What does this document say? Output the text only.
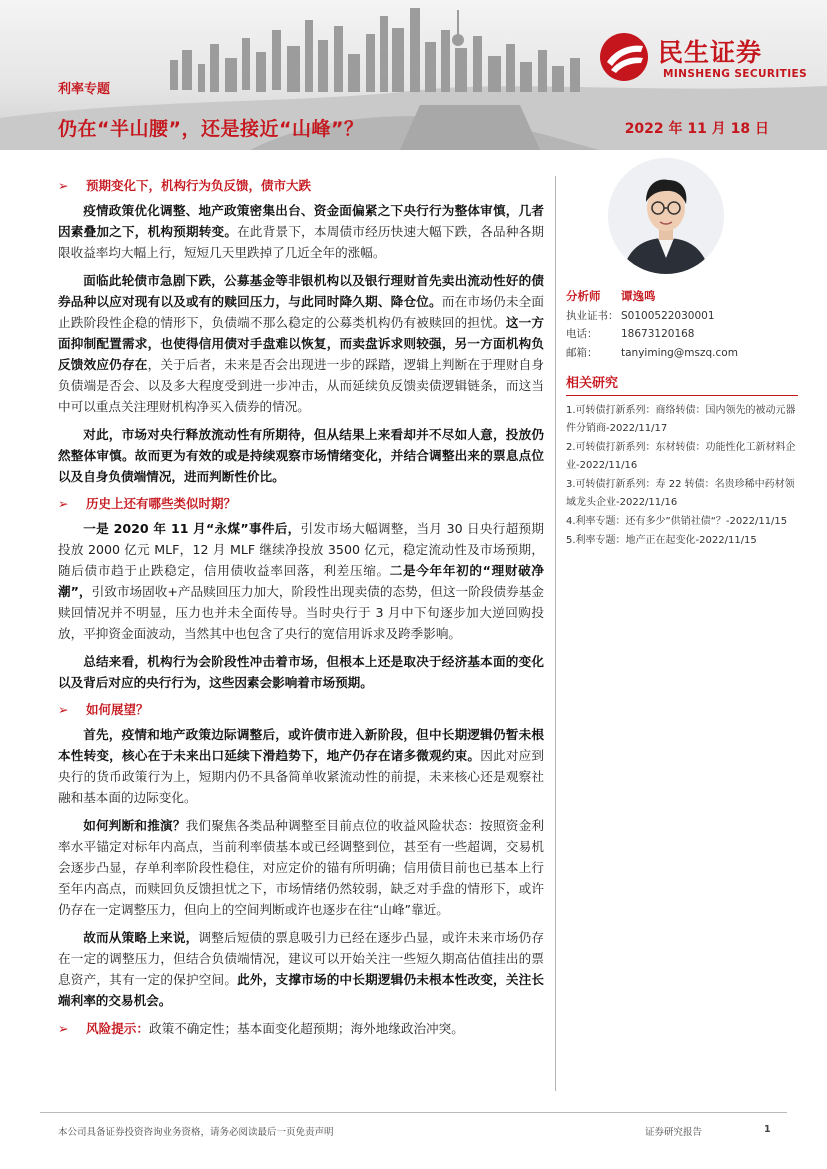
利率专题
仍在“半山腰”，还是接近“山峰”？	2022 年 11 月 18 日
民生证券
MINSHENG SECURITIES
➢ 预期变化下，机构行为负反馈，债市大跌

疫情政策优化调整、地产政策密集出台、资金面偏紧之下央行行为整体审慎，几者因素叠加之下，机构预期转变。在此背景下，本周债市经历快速大幅下跌，各品种各期限收益率均大幅上行，短短几天里跌掉了几近全年的涨幅。

面临此轮债市急剧下跌，公募基金等非银机构以及银行理财首先卖出流动性好的债券品种以应对现有以及或有的赎回压力，与此同时降久期、降仓位。而在市场仍未全面止跌阶段性企稳的情形下，负债端不那么稳定的公募类机构仍有被赎回的担忧。这一方面抑制配置需求，也使得信用债对手盘难以恢复，而卖盘诉求则较强，另一方面机构负反馈效应仍存在，关于后者，未来是否会出现进一步的踩踏，逻辑上判断在于理财自身负债端是否会、以及多大程度受到进一步冲击，从而延续负反馈卖债逻辑链条，而这当中可以重点关注理财机构净买入债券的情况。

对此，市场对央行释放流动性有所期待，但从结果上来看却并不尽如人意，投放仍然整体审慎。故而更为有效的或是持续观察市场情绪变化，并结合调整出来的票息点位以及自身负债端情况，进而判断性价比。

➢ 历史上还有哪些类似时期？

一是 2020 年 11 月“永煤”事件后，引发市场大幅调整，当月 30 日央行超预期投放 2000 亿元 MLF，12 月 MLF 继续净投放 3500 亿元，稳定流动性及市场预期，随后债市趋于止跌稳定，信用债收益率回落，利差压缩。二是今年年初的“理财破净潮”，引致市场固收+产品赎回压力加大，阶段性出现卖债的态势，但这一阶段债券基金赎回情况并不明显，压力也并未全面传导。当时央行于 3 月中下旬逐步加大逆回购投放，平抑资金面波动，当然其中也包含了央行的宽信用诉求及跨季影响。

总结来看，机构行为会阶段性冲击着市场，但根本上还是取决于经济基本面的变化以及背后对应的央行行为，这些因素会影响着市场预期。

➢ 如何展望？

首先，疫情和地产政策边际调整后，或许债市进入新阶段，但中长期逻辑仍暂未根本性转变，核心在于未来出口延续下滑趋势下，地产仍存在诸多微观约束。因此对应到央行的货币政策行为上，短期内仍不具备简单收紧流动性的前提，未来核心还是观察社融和基本面的边际变化。

如何判断和推演？我们聚焦各类品种调整至目前点位的收益风险状态：按照资金利率水平锚定对标年内高点，当前利率债基本或已经调整到位，甚至有一些超调，交易机会逐步凸显，存单利率阶段性稳住，对应定价的锚有所明确；信用债目前也已基本上行至年内高点，而赎回负反馈担忧之下，市场情绪仍然较弱，缺乏对手盘的情形下，或许仍存在一定调整压力，但向上的空间判断或许也逐步在往“山峰”靠近。

故而从策略上来说，调整后短债的票息吸引力已经在逐步凸显，或许未来市场仍存在一定的调整压力，但结合负债端情况，建议可以开始关注一些短久期高估值挂出的票息资产，其有一定的保护空间。此外，支撑市场的中长期逻辑仍未根本性改变，关注长端利率的交易机会。

➢ 风险提示：政策不确定性；基本面变化超预期；海外地缘政治冲突。

分析师 谭逸鸣
执业证书： S0100522030001
电话： 18673120168
邮箱： tanyiming@mszq.com
相关研究
1.可转债打新系列：商络转债：国内领先的被动元器件分销商-2022/11/17
2.可转债打新系列：东材转债：功能性化工新材料企业-2022/11/16
3.可转债打新系列：寿 22 转债：名贵珍稀中药材领域龙头企业-2022/11/16
4.利率专题：还有多少”供销社债“？-2022/11/15
5.利率专题：地产正在起变化-2022/11/15
本公司具备证券投资咨询业务资格，请务必阅读最后一页免责声明	证券研究报告	1
